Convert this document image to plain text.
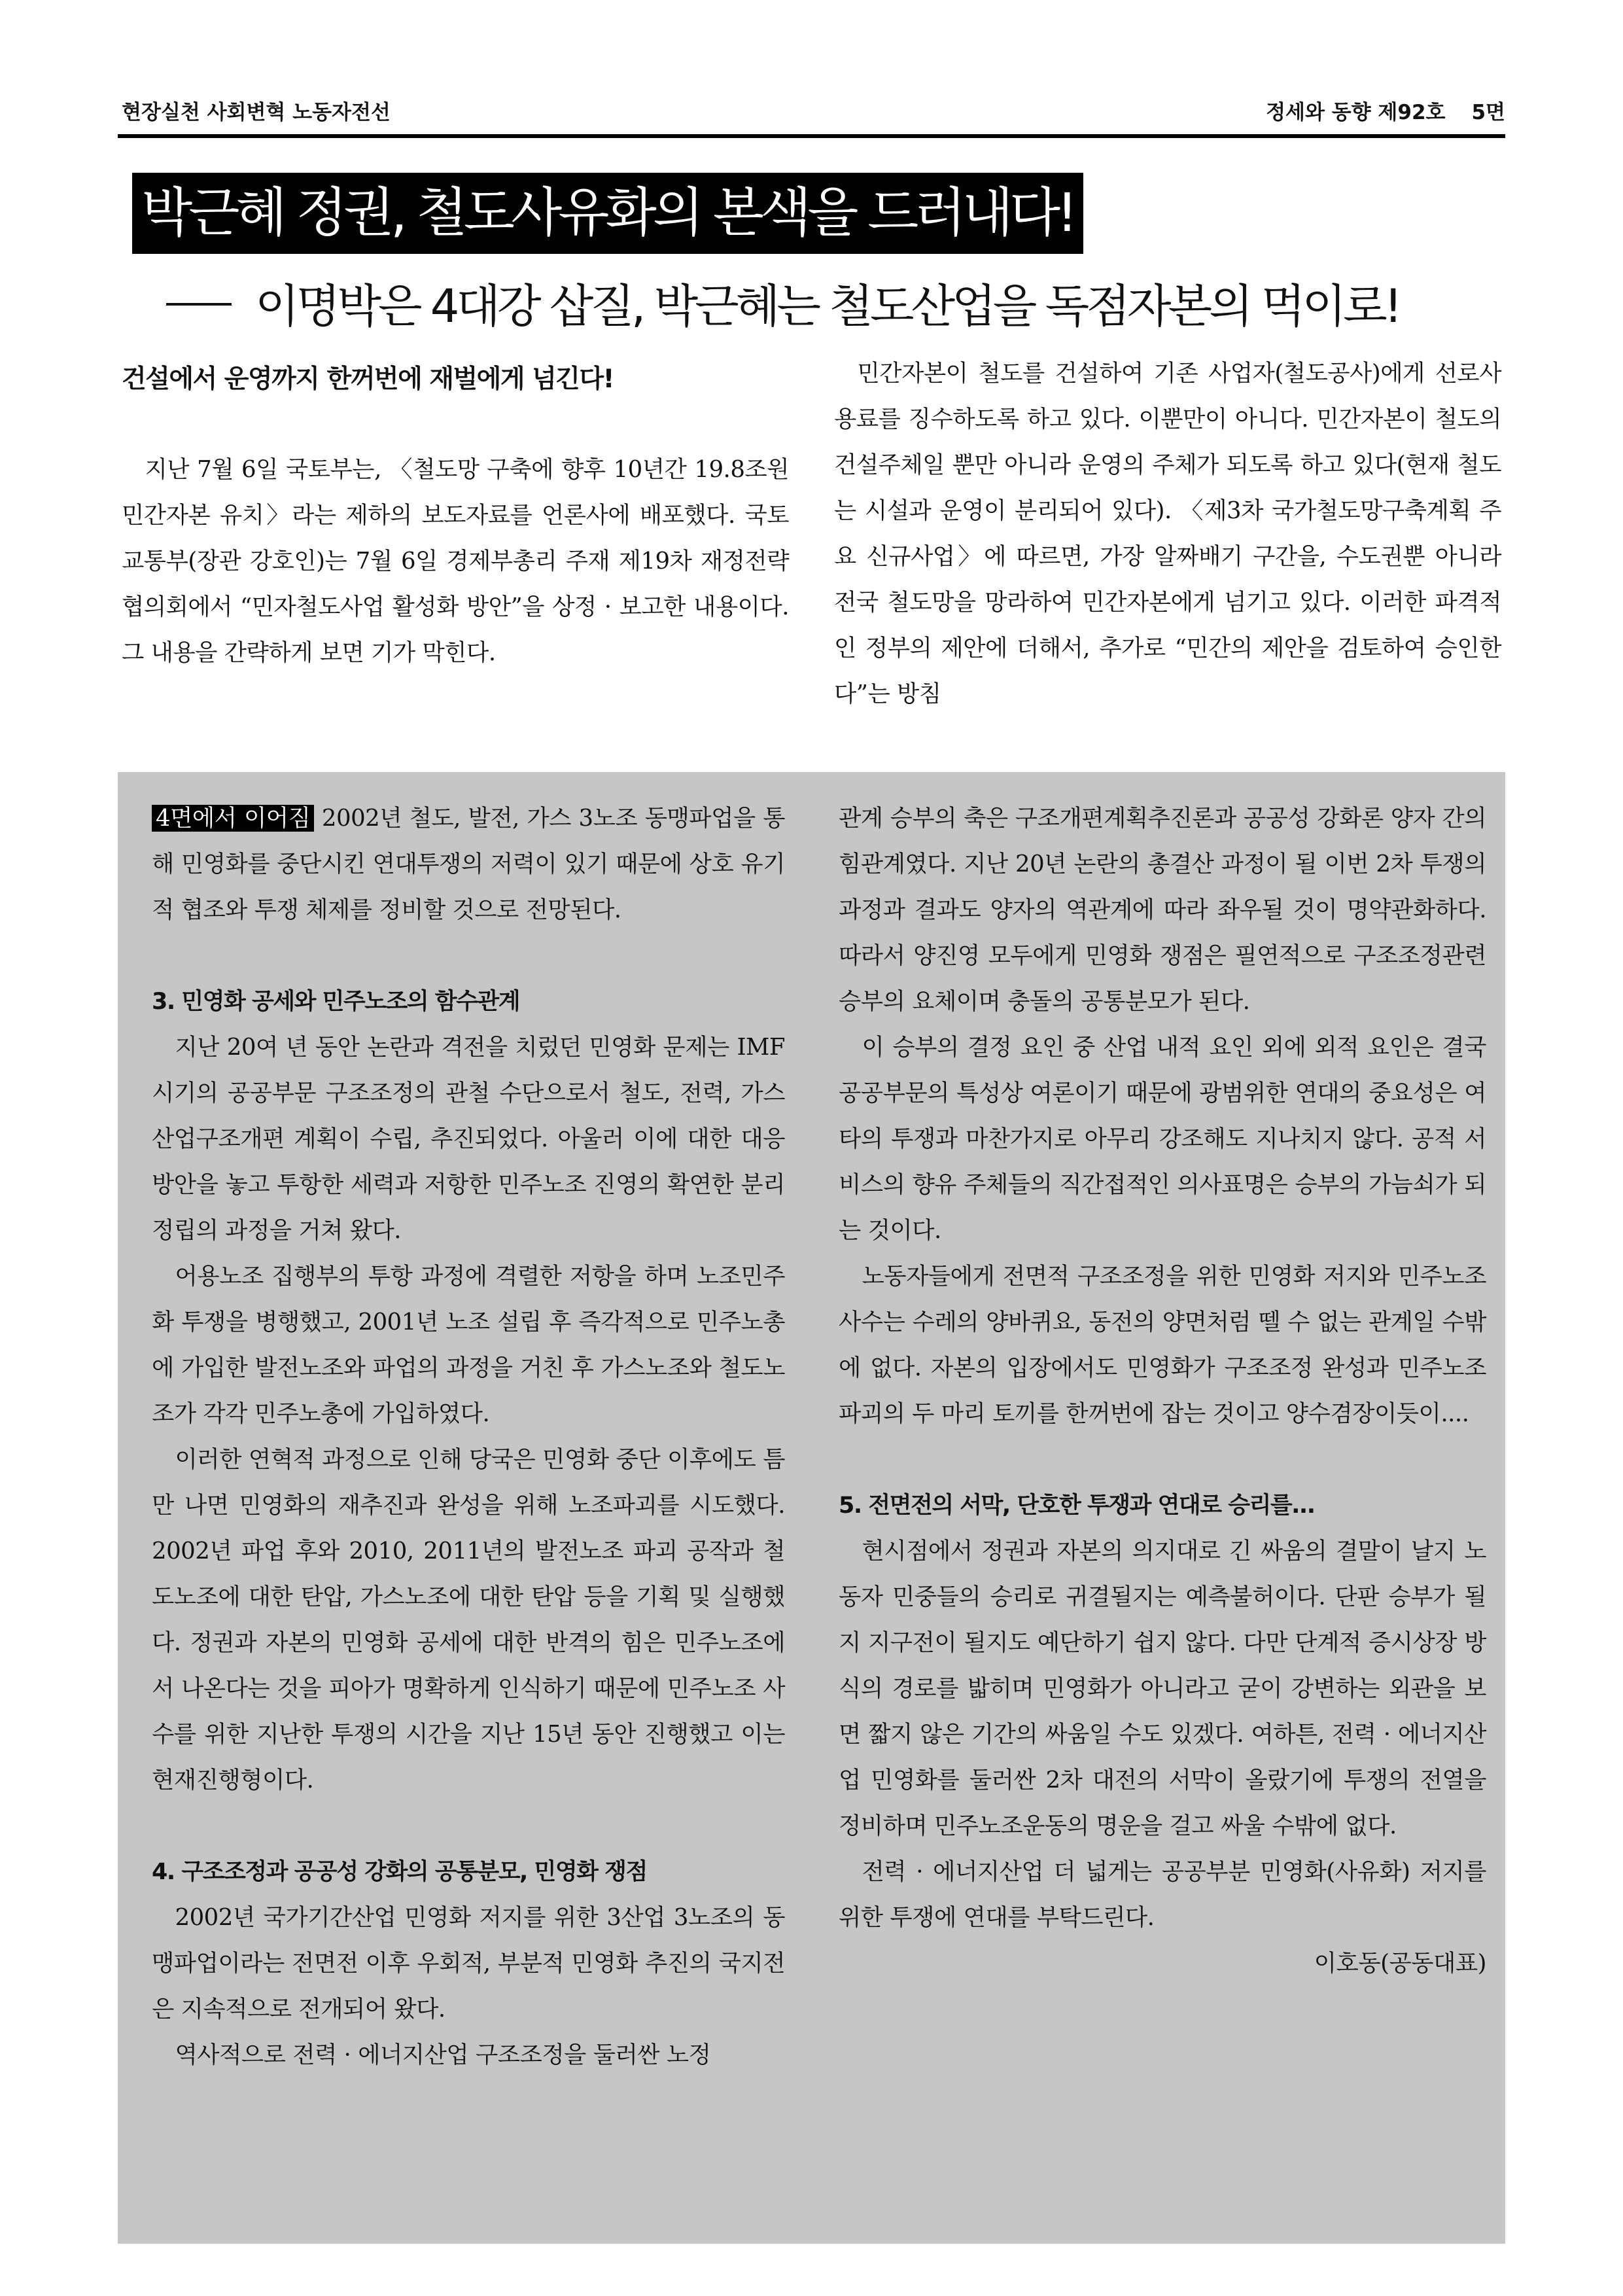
현장실천 사회변혁 노동자전선	정세와 동향 제92호 5면
박근혜 정권, 철도사유화의 본색을 드러내다!
이명박은 4대강 삽질, 박근혜는 철도산업을 독점자본의 먹이로!
건설에서 운영까지 한꺼번에 재벌에게 넘긴다!

지난 7월 6일 국토부는, 〈철도망 구축에 향후 10년간 19.8조원 민간자본 유치〉라는 제하의 보도자료를 언론사에 배포했다. 국토교통부(장관 강호인)는 7월 6일 경제부총리 주재 제19차 재정전략협의회에서 “민자철도사업 활성화 방안”을 상정 · 보고한 내용이다. 그 내용을 간략하게 보면 기가 막힌다.

민간자본이 철도를 건설하여 기존 사업자(철도공사)에게 선로사용료를 징수하도록 하고 있다. 이뿐만이 아니다. 민간자본이 철도의 건설주체일 뿐만 아니라 운영의 주체가 되도록 하고 있다(현재 철도는 시설과 운영이 분리되어 있다). 〈제3차 국가철도망구축계획 주요 신규사업〉에 따르면, 가장 알짜배기 구간을, 수도권뿐 아니라 전국 철도망을 망라하여 민간자본에게 넘기고 있다. 이러한 파격적인 정부의 제안에 더해서, 추가로 “민간의 제안을 검토하여 승인한다”는 방침

4면에서 이어짐 2002년 철도, 발전, 가스 3노조 동맹파업을 통해 민영화를 중단시킨 연대투쟁의 저력이 있기 때문에 상호 유기적 협조와 투쟁 체제를 정비할 것으로 전망된다.

3. 민영화 공세와 민주노조의 함수관계

지난 20여 년 동안 논란과 격전을 치렀던 민영화 문제는 IMF시기의 공공부문 구조조정의 관철 수단으로서 철도, 전력, 가스산업구조개편 계획이 수립, 추진되었다. 아울러 이에 대한 대응방안을 놓고 투항한 세력과 저항한 민주노조 진영의 확연한 분리정립의 과정을 거쳐 왔다.

어용노조 집행부의 투항 과정에 격렬한 저항을 하며 노조민주화 투쟁을 병행했고, 2001년 노조 설립 후 즉각적으로 민주노총에 가입한 발전노조와 파업의 과정을 거친 후 가스노조와 철도노조가 각각 민주노총에 가입하였다.

이러한 연혁적 과정으로 인해 당국은 민영화 중단 이후에도 틈만 나면 민영화의 재추진과 완성을 위해 노조파괴를 시도했다. 2002년 파업 후와 2010, 2011년의 발전노조 파괴 공작과 철도노조에 대한 탄압, 가스노조에 대한 탄압 등을 기획 및 실행했다. 정권과 자본의 민영화 공세에 대한 반격의 힘은 민주노조에서 나온다는 것을 피아가 명확하게 인식하기 때문에 민주노조 사수를 위한 지난한 투쟁의 시간을 지난 15년 동안 진행했고 이는 현재진행형이다.

4. 구조조정과 공공성 강화의 공통분모, 민영화 쟁점

2002년 국가기간산업 민영화 저지를 위한 3산업 3노조의 동맹파업이라는 전면전 이후 우회적, 부분적 민영화 추진의 국지전은 지속적으로 전개되어 왔다.

역사적으로 전력 · 에너지산업 구조조정을 둘러싼 노정

관계 승부의 축은 구조개편계획추진론과 공공성 강화론 양자 간의 힘관계였다. 지난 20년 논란의 총결산 과정이 될 이번 2차 투쟁의 과정과 결과도 양자의 역관계에 따라 좌우될 것이 명약관화하다. 따라서 양진영 모두에게 민영화 쟁점은 필연적으로 구조조정관련 승부의 요체이며 충돌의 공통분모가 된다.

이 승부의 결정 요인 중 산업 내적 요인 외에 외적 요인은 결국 공공부문의 특성상 여론이기 때문에 광범위한 연대의 중요성은 여타의 투쟁과 마찬가지로 아무리 강조해도 지나치지 않다. 공적 서비스의 향유 주체들의 직간접적인 의사표명은 승부의 가늠쇠가 되는 것이다.

노동자들에게 전면적 구조조정을 위한 민영화 저지와 민주노조 사수는 수레의 양바퀴요, 동전의 양면처럼 뗄 수 없는 관계일 수밖에 없다. 자본의 입장에서도 민영화가 구조조정 완성과 민주노조 파괴의 두 마리 토끼를 한꺼번에 잡는 것이고 양수겸장이듯이....

5. 전면전의 서막, 단호한 투쟁과 연대로 승리를...

현시점에서 정권과 자본의 의지대로 긴 싸움의 결말이 날지 노동자 민중들의 승리로 귀결될지는 예측불허이다. 단판 승부가 될지 지구전이 될지도 예단하기 쉽지 않다. 다만 단계적 증시상장 방식의 경로를 밟히며 민영화가 아니라고 굳이 강변하는 외관을 보면 짧지 않은 기간의 싸움일 수도 있겠다. 여하튼, 전력 · 에너지산업 민영화를 둘러싼 2차 대전의 서막이 올랐기에 투쟁의 전열을 정비하며 민주노조운동의 명운을 걸고 싸울 수밖에 없다.

전력 · 에너지산업 더 넓게는 공공부분 민영화(사유화) 저지를 위한 투쟁에 연대를 부탁드린다.

이호동(공동대표)
